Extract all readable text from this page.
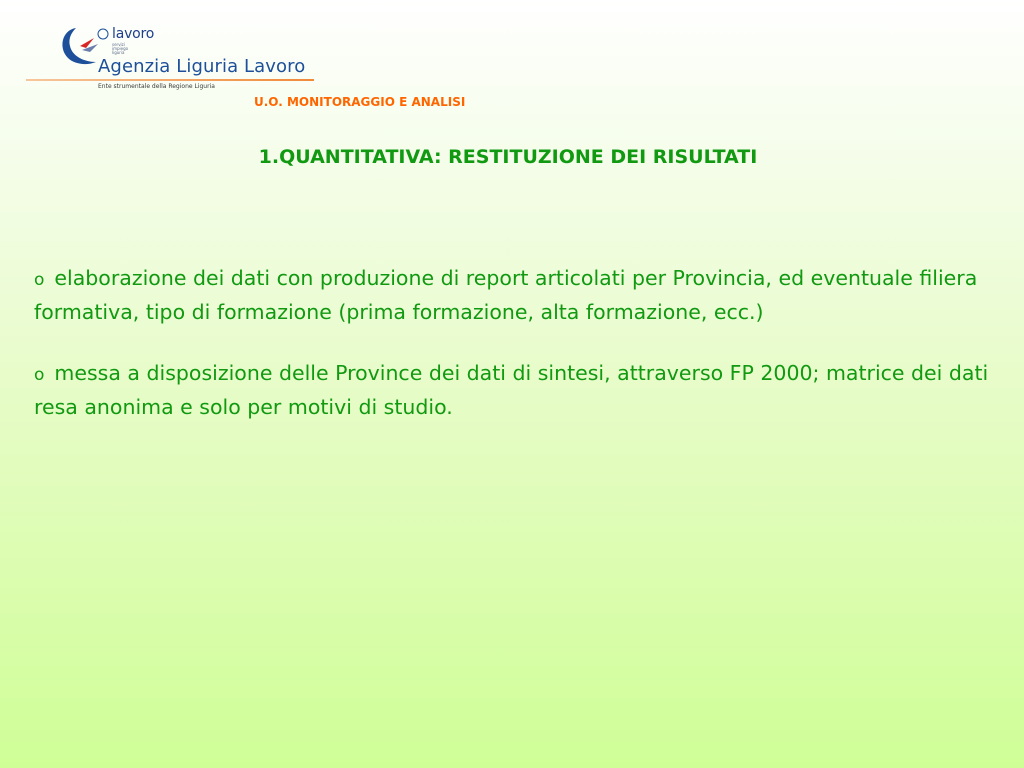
lavoro
servizi
impiego
liguria
Agenzia Liguria Lavoro
Ente strumentale della Regione Liguria
U.O. MONITORAGGIO E ANALISI
1.QUANTITATIVA: RESTITUZIONE DEI RISULTATI
o elaborazione dei dati con produzione di report articolati per Provincia, ed eventuale filiera formativa, tipo di formazione (prima formazione, alta formazione, ecc.)
o messa a disposizione delle Province dei dati di sintesi, attraverso FP 2000; matrice dei dati resa anonima e solo per motivi di studio.
